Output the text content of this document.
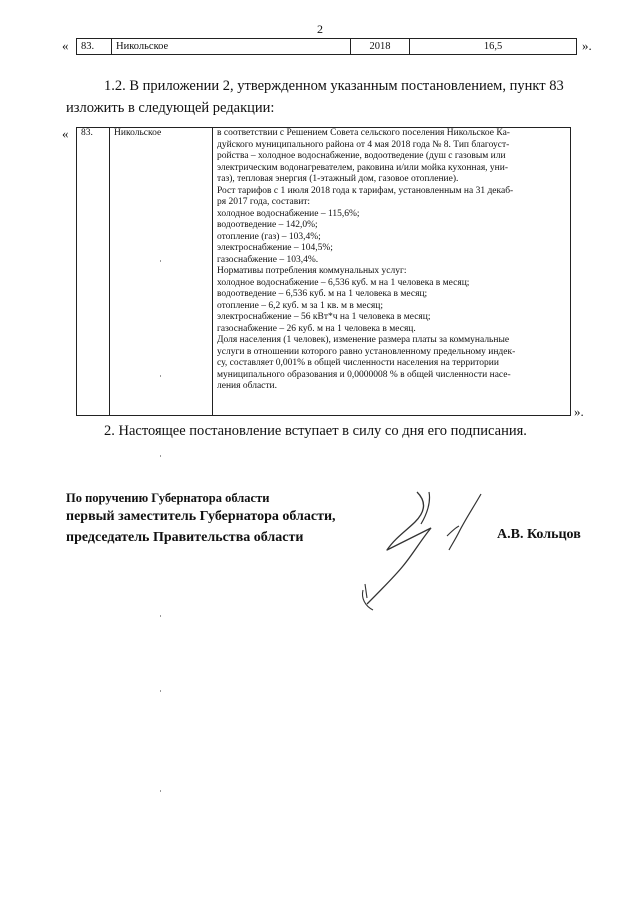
2
« 83.	Никольское	2018	16,5	».
1.2. В приложении 2, утвержденном указанным постановлением, пункт 83
изложить в следующей редакции:
« 83.	Никольское	в соответствии с Решением Совета сельского поселения Никольское Ка-

дуйского муниципального района от 4 мая 2018 года № 8. Тип благоуст-

ройства – холодное водоснабжение, водоотведение (душ с газовым или

электрическим водонагревателем, раковина и/или мойка кухонная, уни-

таз), тепловая энергия (1-этажный дом, газовое отопление).

Рост тарифов с 1 июля 2018 года к тарифам, установленным на 31 декаб-

ря 2017 года, составит:

холодное водоснабжение – 115,6%;

водоотведение – 142,0%;

отопление (газ) – 103,4%;

электроснабжение – 104,5%;

газоснабжение – 103,4%.

Нормативы потребления коммунальных услуг:

холодное водоснабжение – 6,536 куб. м на 1 человека в месяц;

водоотведение – 6,536 куб. м на 1 человека в месяц;

отопление – 6,2 куб. м за 1 кв. м в месяц;

электроснабжение – 56 кВт*ч на 1 человека в месяц;

газоснабжение – 26 куб. м на 1 человека в месяц.

Доля населения (1 человек), изменение размера платы за коммунальные

услуги в отношении которого равно установленному предельному индек-

су, составляет 0,001% в общей численности населения на территории

муниципального образования и 0,0000008 % в общей численности насе-

ления области.

».
2. Настоящее постановление вступает в силу со дня его подписания.
По поручению Губернатора области
первый заместитель Губернатора области,
председатель Правительства области	А.В. Кольцов
